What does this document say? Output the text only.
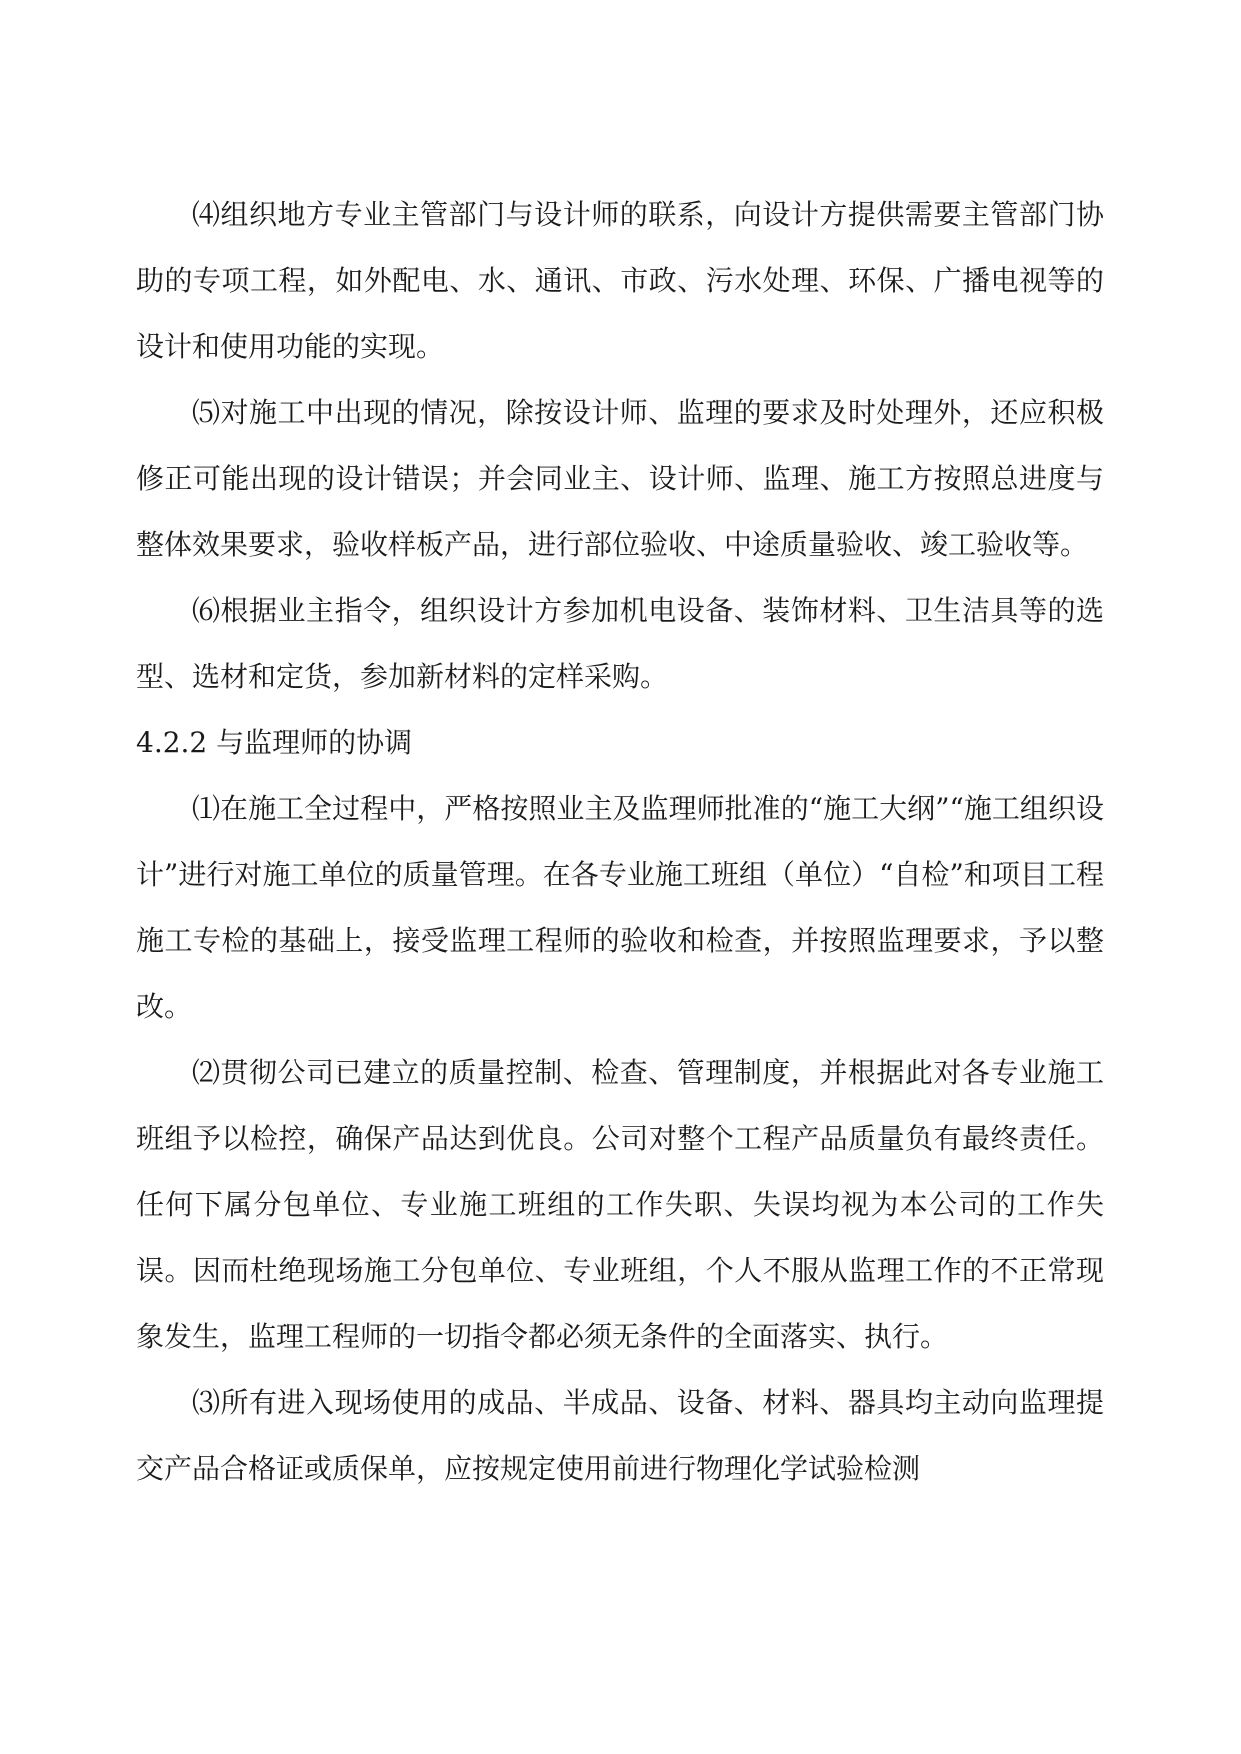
⑷组织地方专业主管部门与设计师的联系，向设计方提供需要主管部门协助的专项工程，如外配电、水、通讯、市政、污水处理、环保、广播电视等的设计和使用功能的实现。

⑸对施工中出现的情况，除按设计师、监理的要求及时处理外，还应积极修正可能出现的设计错误；并会同业主、设计师、监理、施工方按照总进度与整体效果要求，验收样板产品，进行部位验收、中途质量验收、竣工验收等。

⑹根据业主指令，组织设计方参加机电设备、装饰材料、卫生洁具等的选型、选材和定货，参加新材料的定样采购。

4.2.2 与监理师的协调

⑴在施工全过程中，严格按照业主及监理师批准的“施工大纲”“施工组织设计”进行对施工单位的质量管理。在各专业施工班组（单位）“自检”和项目工程施工专检的基础上，接受监理工程师的验收和检查，并按照监理要求，予以整改。

⑵贯彻公司已建立的质量控制、检查、管理制度，并根据此对各专业施工班组予以检控，确保产品达到优良。公司对整个工程产品质量负有最终责任。任何下属分包单位、专业施工班组的工作失职、失误均视为本公司的工作失误。因而杜绝现场施工分包单位、专业班组，个人不服从监理工作的不正常现象发生，监理工程师的一切指令都必须无条件的全面落实、执行。

⑶所有进入现场使用的成品、半成品、设备、材料、器具均主动向监理提交产品合格证或质保单，应按规定使用前进行物理化学试验检测
